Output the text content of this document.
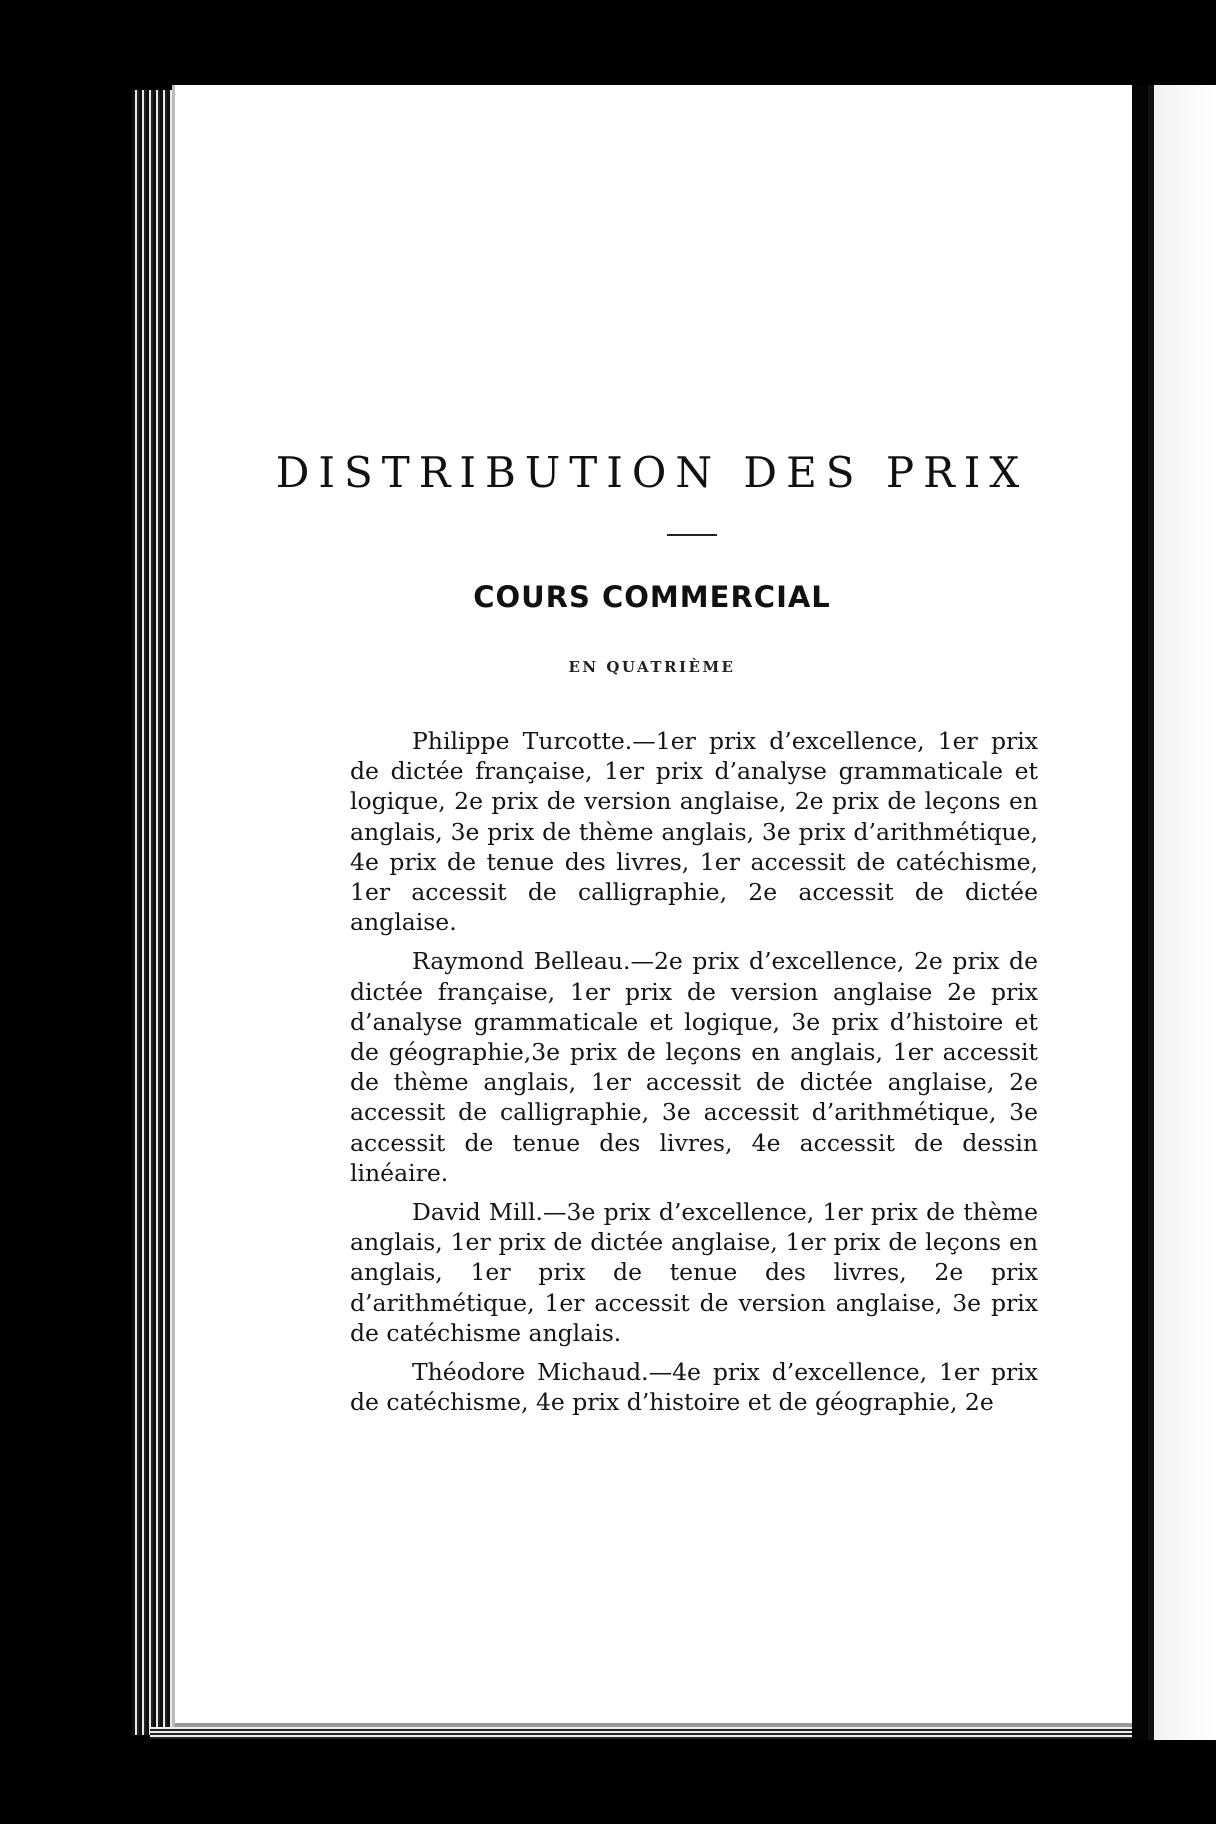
DISTRIBUTION DES PRIX
COURS COMMERCIAL
EN QUATRIÈME

Philippe Turcotte.—1er prix d’excellence, 1er prix de dictée française, 1er prix d’analyse grammaticale et logique, 2e prix de version anglaise, 2e prix de leçons en anglais, 3e prix de thème anglais, 3e prix d’arithmétique, 4e prix de tenue des livres, 1er accessit de catéchisme, 1er accessit de calligraphie, 2e accessit de dictée anglaise.

Raymond Belleau.—2e prix d’excellence, 2e prix de dictée française, 1er prix de version anglaise 2e prix d’analyse grammaticale et logique, 3e prix d’histoire et de géographie,3e prix de leçons en anglais, 1er accessit de thème anglais, 1er accessit de dictée anglaise, 2e accessit de calligraphie, 3e accessit d’arithmétique, 3e accessit de tenue des livres, 4e accessit de dessin linéaire.

David Mill.—3e prix d’excellence, 1er prix de thème anglais, 1er prix de dictée anglaise, 1er prix de leçons en anglais, 1er prix de tenue des livres, 2e prix d’arithmétique, 1er accessit de version anglaise, 3e prix de catéchisme anglais.

Théodore Michaud.—4e prix d’excellence, 1er prix de catéchisme, 4e prix d’histoire et de géographie, 2e
